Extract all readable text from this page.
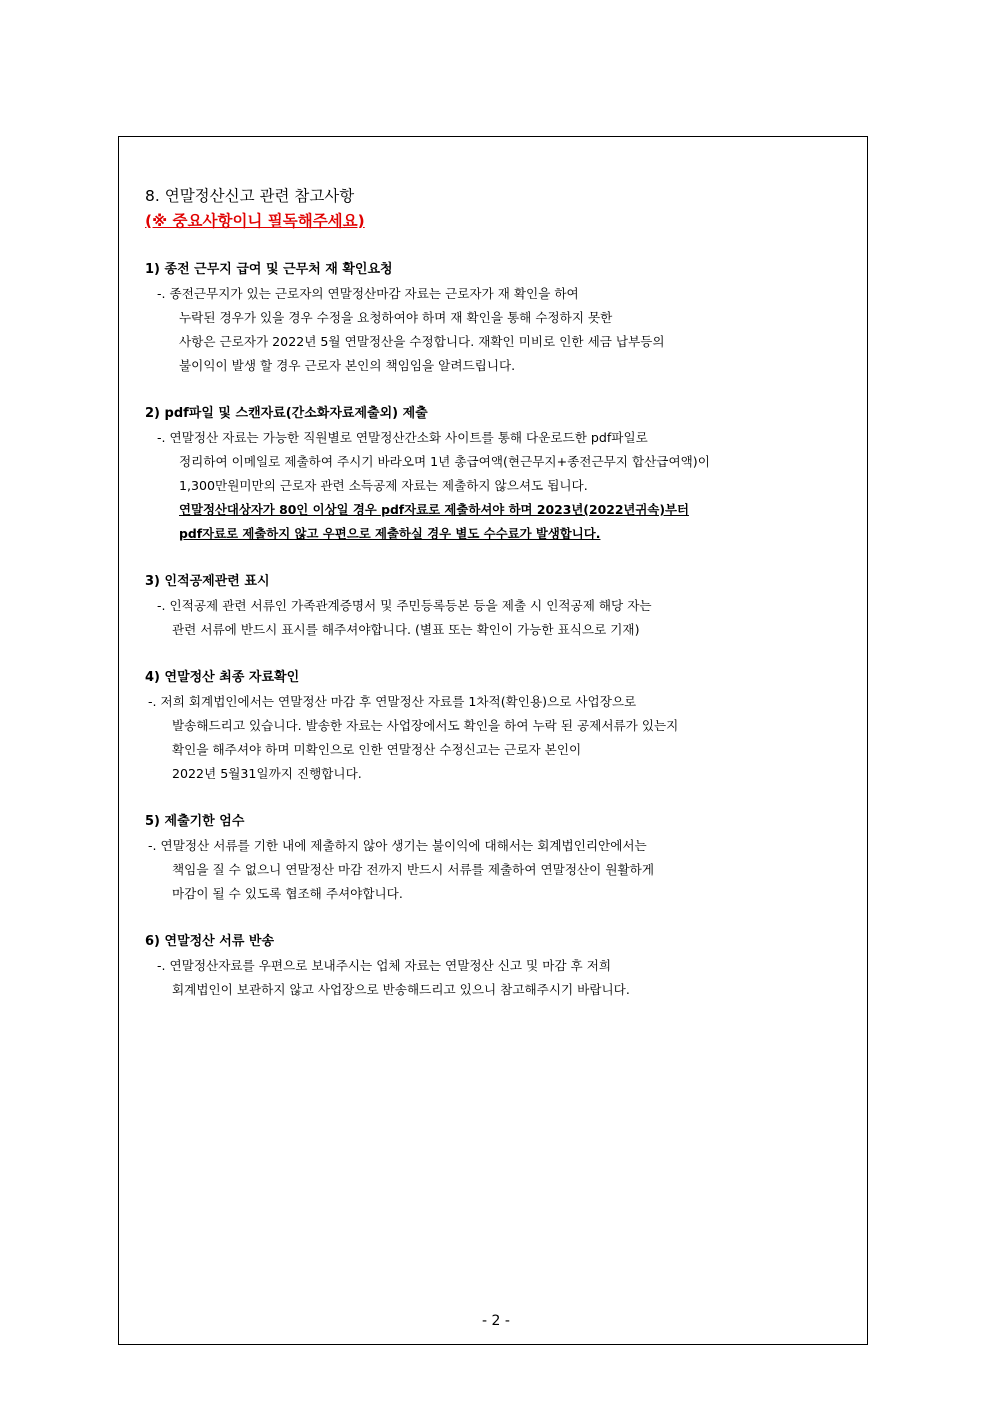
8. 연말정산신고 관련 참고사항
(※ 중요사항이니 필독해주세요)
1) 종전 근무지 급여 및 근무처 재 확인요청
-. 종전근무지가 있는 근로자의 연말정산마감 자료는 근로자가 재 확인을 하여
누락된 경우가 있을 경우 수정을 요청하여야 하며 재 확인을 통해 수정하지 못한
사항은 근로자가 2022년 5월 연말정산을 수정합니다. 재확인 미비로 인한 세금 납부등의
불이익이 발생 할 경우 근로자 본인의 책임임을 알려드립니다.
2) pdf파일 및 스캔자료(간소화자료제출외) 제출
-. 연말정산 자료는 가능한 직원별로 연말정산간소화 사이트를 통해 다운로드한 pdf파일로
정리하여 이메일로 제출하여 주시기 바라오며 1년 총급여액(현근무지+종전근무지 합산급여액)이
1,300만원미만의 근로자 관련 소득공제 자료는 제출하지 않으셔도 됩니다.
연말정산대상자가 80인 이상일 경우 pdf자료로 제출하셔야 하며 2023년(2022년귀속)부터
pdf자료로 제출하지 않고 우편으로 제출하실 경우 별도 수수료가 발생합니다.
3) 인적공제관련 표시
-. 인적공제 관련 서류인 가족관계증명서 및 주민등록등본 등을 제출 시 인적공제 해당 자는
관련 서류에 반드시 표시를 해주셔야합니다. (별표 또는 확인이 가능한 표식으로 기재)
4) 연말정산 최종 자료확인
-. 저희 회계법인에서는 연말정산 마감 후 연말정산 자료를 1차적(확인용)으로 사업장으로
발송해드리고 있습니다. 발송한 자료는 사업장에서도 확인을 하여 누락 된 공제서류가 있는지
확인을 해주셔야 하며 미확인으로 인한 연말정산 수정신고는 근로자 본인이
2022년 5월31일까지 진행합니다.
5) 제출기한 엄수
-. 연말정산 서류를 기한 내에 제출하지 않아 생기는 불이익에 대해서는 회계법인리안에서는
책임을 질 수 없으니 연말정산 마감 전까지 반드시 서류를 제출하여 연말정산이 원활하게
마감이 될 수 있도록 협조해 주셔야합니다.
6) 연말정산 서류 반송
-. 연말정산자료를 우편으로 보내주시는 업체 자료는 연말정산 신고 및 마감 후 저희
회계법인이 보관하지 않고 사업장으로 반송해드리고 있으니 참고해주시기 바랍니다.
- 2 -
